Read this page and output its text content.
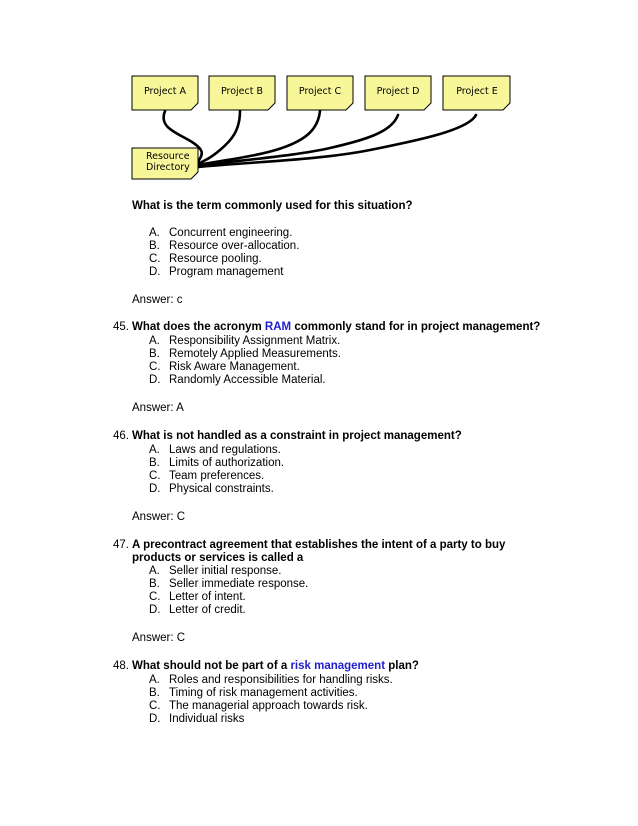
Project A	Project B	Project C	Project D	Project E
Resource
Directory
What is the term commonly used for this situation?
A. Concurrent engineering.
B. Resource over-allocation.
C. Resource pooling.
D. Program management
Answer: c
45. What does the acronym RAM commonly stand for in project management?
A. Responsibility Assignment Matrix.
B. Remotely Applied Measurements.
C. Risk Aware Management.
D. Randomly Accessible Material.
Answer: A
46. What is not handled as a constraint in project management?
A. Laws and regulations.
B. Limits of authorization.
C. Team preferences.
D. Physical constraints.
Answer: C
47. A precontract agreement that establishes the intent of a party to buy
products or services is called a
A. Seller initial response.
B. Seller immediate response.
C. Letter of intent.
D. Letter of credit.
Answer: C
48. What should not be part of a risk management plan?
A. Roles and responsibilities for handling risks.
B. Timing of risk management activities.
C. The managerial approach towards risk.
D. Individual risks
